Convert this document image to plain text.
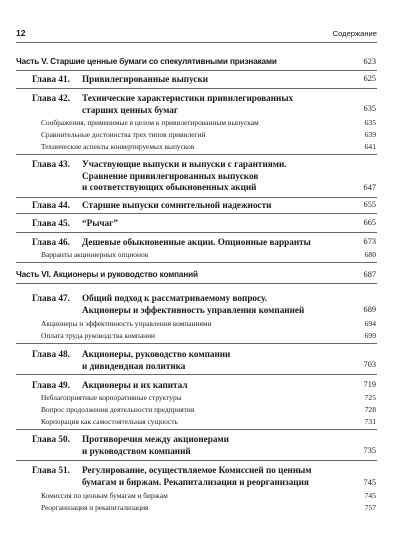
12	Содержание
Часть V. Старшие ценные бумаги со спекулятивными признаками	623
Глава 41. Привилегированные выпуски	625
Глава 42. Технические характеристики привилегированных
старших ценных бумаг	635
Соображения, применимые в целом к привилегированным выпускам	635
Сравнительные достоинства трех типов привилегий	639
Технические аспекты конвертируемых выпусков	641
Глава 43. Участвующие выпуски и выпуски с гарантиями.
Сравнение привилегированных выпусков
и соответствующих обыкновенных акций	647
Глава 44. Старшие выпуски сомнительной надежности	655
Глава 45. “Рычаг”	665
Глава 46. Дешевые обыкновенные акции. Опционные варранты	673
Варранты акционерных опционов	680
Часть VI. Акционеры и руководство компаний	687
Глава 47. Общий подход к рассматриваемому вопросу.
Акционеры и эффективность управления компанией	689
Акционеры и эффективность управления компаниями	694
Оплата труда руководства компании	699
Глава 48. Акционеры, руководство компании
и дивидендная политика	703
Глава 49. Акционеры и их капитал	719
Неблагоприятные корпоративные структуры	725
Вопрос продолжения деятельности предприятия	728
Корпорация как самостоятельная сущность	731
Глава 50. Противоречия между акционерами
и руководством компаний	735
Глава 51. Регулирование, осуществляемое Комиссией по ценным
бумагам и биржам. Рекапитализация и реорганизация	745
Комиссия по ценным бумагам и биржам	745
Реорганизация и рекапитализация	757
